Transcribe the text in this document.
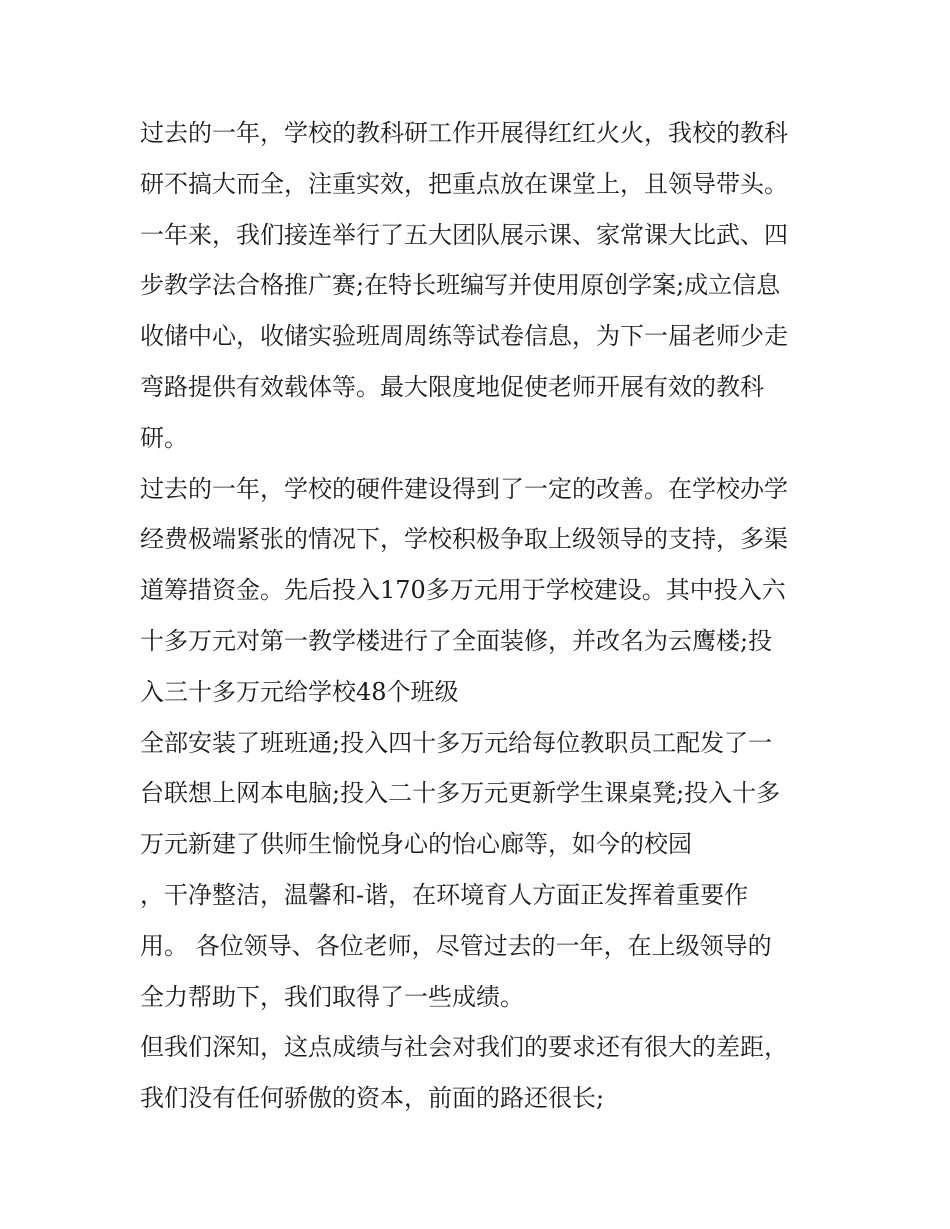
过去的一年，学校的教科研工作开展得红红火火，我校的教科
研不搞大而全，注重实效，把重点放在课堂上，且领导带头。
一年来，我们接连举行了五大团队展示课、家常课大比武、四
步教学法合格推广赛;在特长班编写并使用原创学案;成立信息
收储中心，收储实验班周周练等试卷信息，为下一届老师少走
弯路提供有效载体等。最大限度地促使老师开展有效的教科
研。
过去的一年，学校的硬件建设得到了一定的改善。在学校办学
经费极端紧张的情况下，学校积极争取上级领导的支持，多渠
道筹措资金。先后投入170多万元用于学校建设。其中投入六
十多万元对第一教学楼进行了全面装修，并改名为云鹰楼;投
入三十多万元给学校48个班级
全部安装了班班通;投入四十多万元给每位教职员工配发了一
台联想上网本电脑;投入二十多万元更新学生课桌凳;投入十多
万元新建了供师生愉悦身心的怡心廊等，如今的校园
，干净整洁，温馨和-谐，在环境育人方面正发挥着重要作
用。 各位领导、各位老师，尽管过去的一年，在上级领导的
全力帮助下，我们取得了一些成绩。
但我们深知，这点成绩与社会对我们的要求还有很大的差距，
我们没有任何骄傲的资本，前面的路还很长;
